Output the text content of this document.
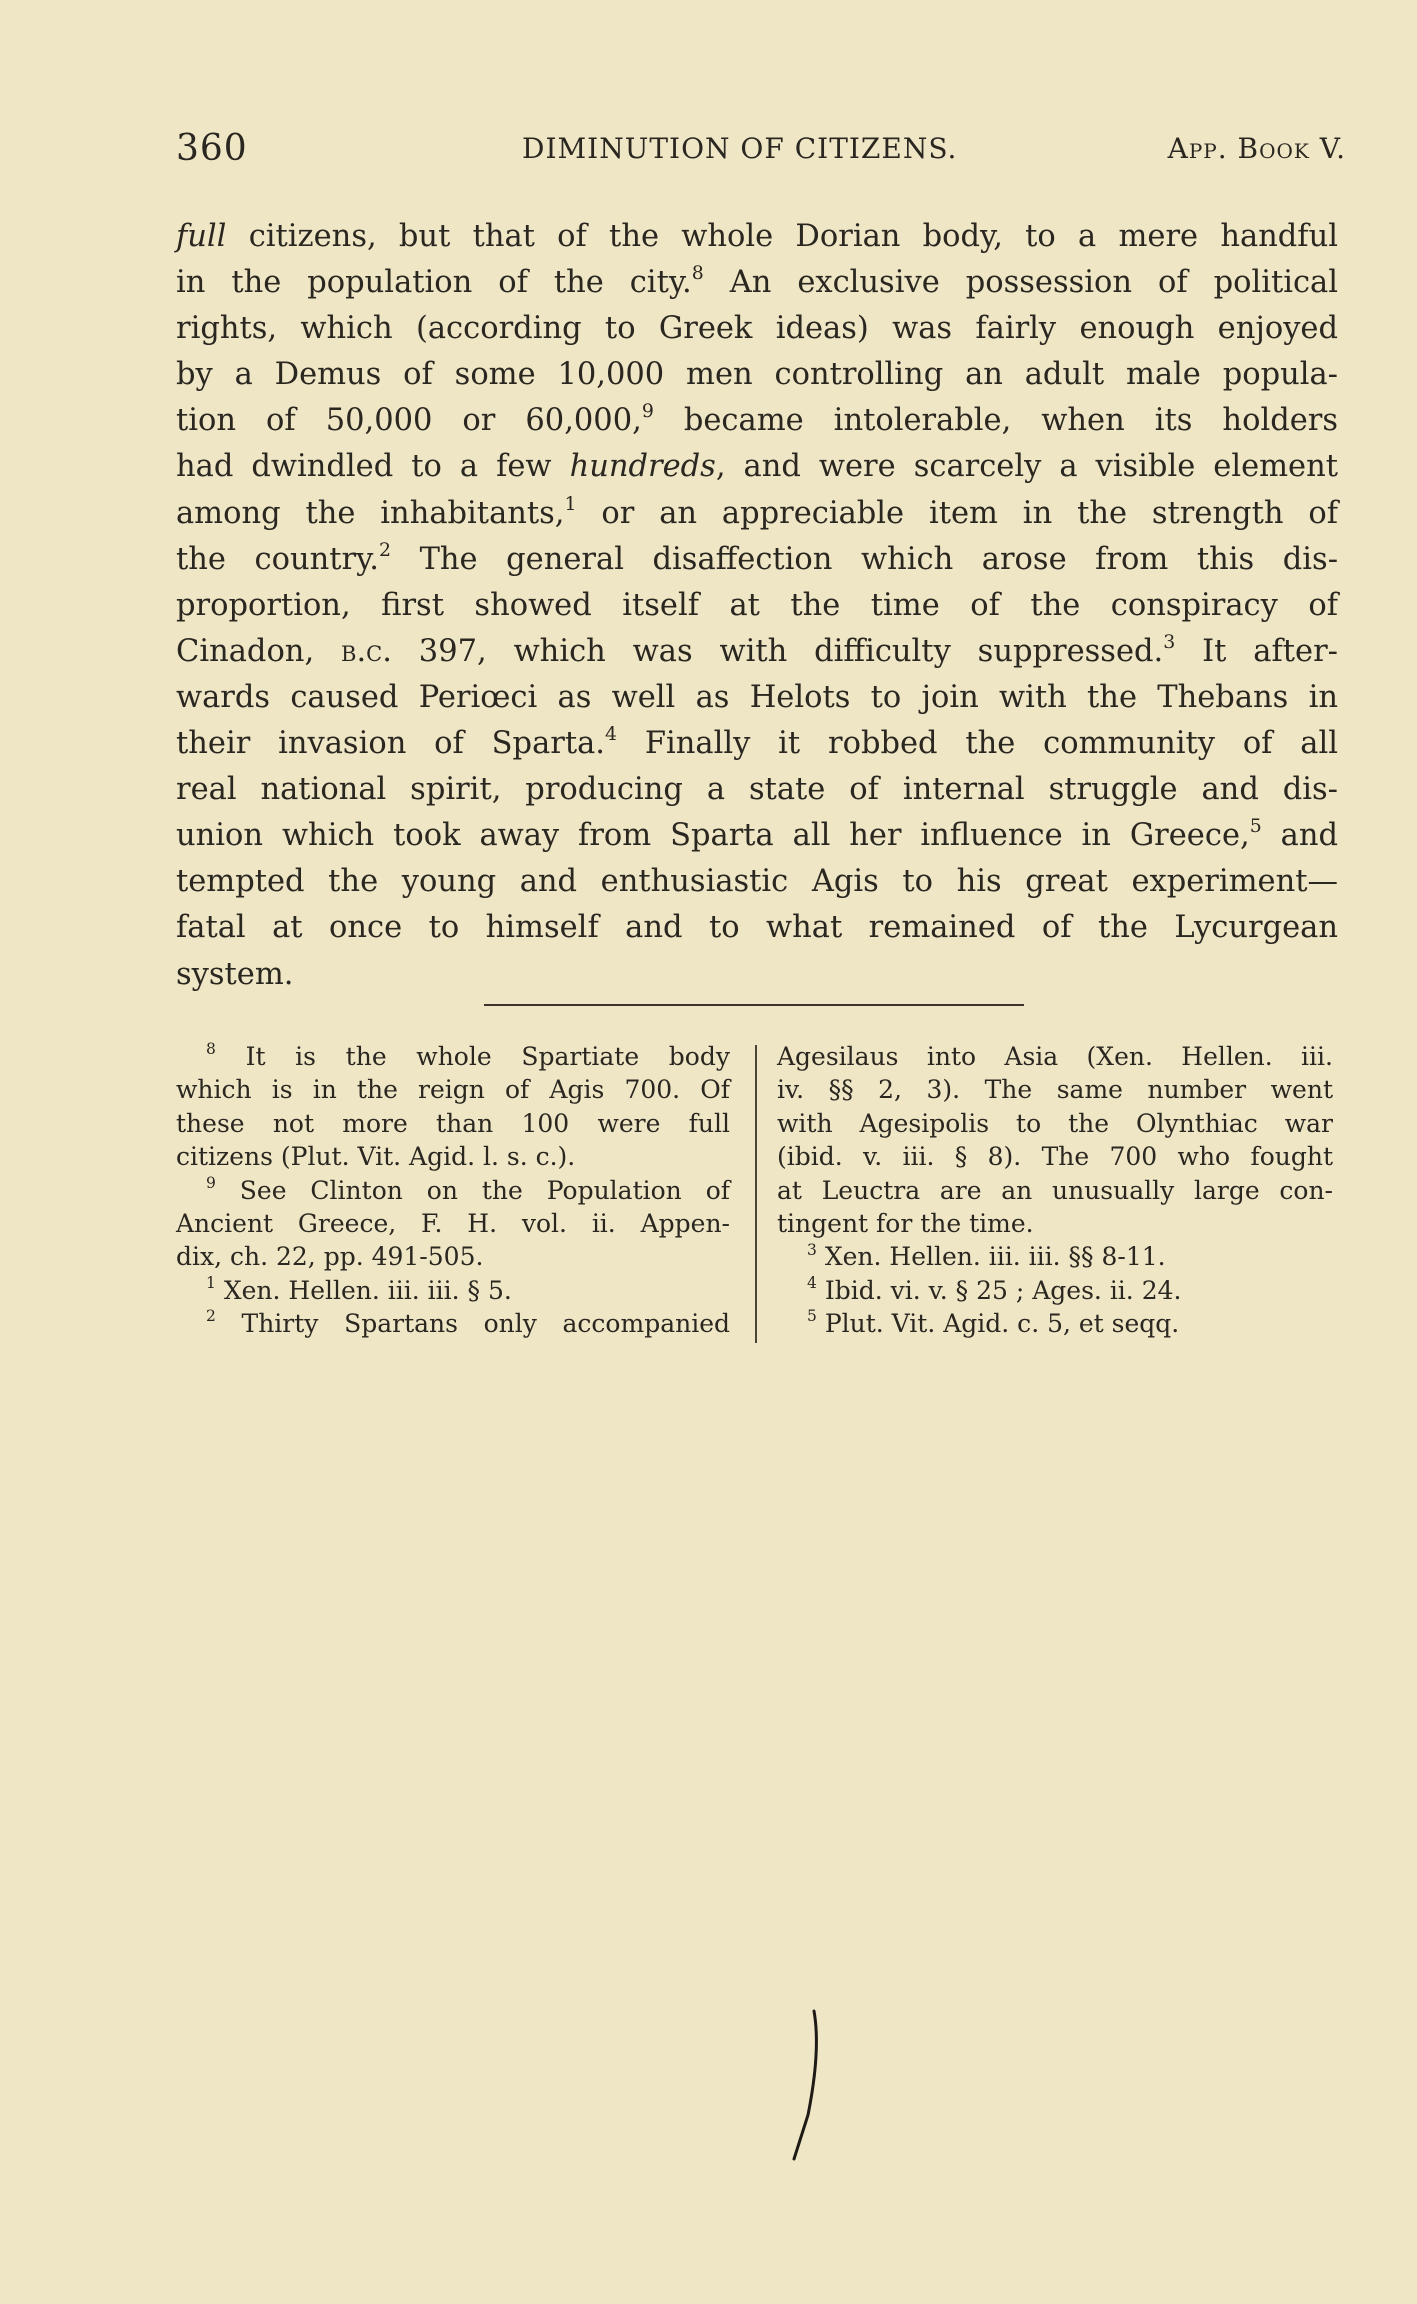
360	DIMINUTION OF CITIZENS.	App. Book V.
full citizens, but that of the whole Dorian body, to a mere handful
in the population of the city.$^8$ An exclusive possession of political
rights, which (according to Greek ideas) was fairly enough enjoyed
by a Demus of some 10,000 men controlling an adult male popula-
tion of 50,000 or 60,000,$^9$ became intolerable, when its holders
had dwindled to a few hundreds, and were scarcely a visible element
among the inhabitants,$^1$ or an appreciable item in the strength of
the country.$^2$ The general disaffection which arose from this dis-
proportion, first showed itself at the time of the conspiracy of
Cinadon, b.c. 397, which was with difficulty suppressed.$^3$ It after-
wards caused Periœci as well as Helots to join with the Thebans in
their invasion of Sparta.$^4$ Finally it robbed the community of all
real national spirit, producing a state of internal struggle and dis-
union which took away from Sparta all her influence in Greece,$^5$ and
tempted the young and enthusiastic Agis to his great experiment—
fatal at once to himself and to what remained of the Lycurgean
system.
$^8$ It is the whole Spartiate body
which is in the reign of Agis 700. Of
these not more than 100 were full
citizens (Plut. Vit. Agid. l. s. c.).
$^9$ See Clinton on the Population of
Ancient Greece, F. H. vol. ii. Appen-
dix, ch. 22, pp. 491-505.
$^1$ Xen. Hellen. iii. iii. § 5.
$^2$ Thirty Spartans only accompanied
Agesilaus into Asia (Xen. Hellen. iii.
iv. §§ 2, 3). The same number went
with Agesipolis to the Olynthiac war
(ibid. v. iii. § 8). The 700 who fought
at Leuctra are an unusually large con-
tingent for the time.
$^3$ Xen. Hellen. iii. iii. §§ 8-11.
$^4$ Ibid. vi. v. § 25 ; Ages. ii. 24.
$^5$ Plut. Vit. Agid. c. 5, et seqq.
